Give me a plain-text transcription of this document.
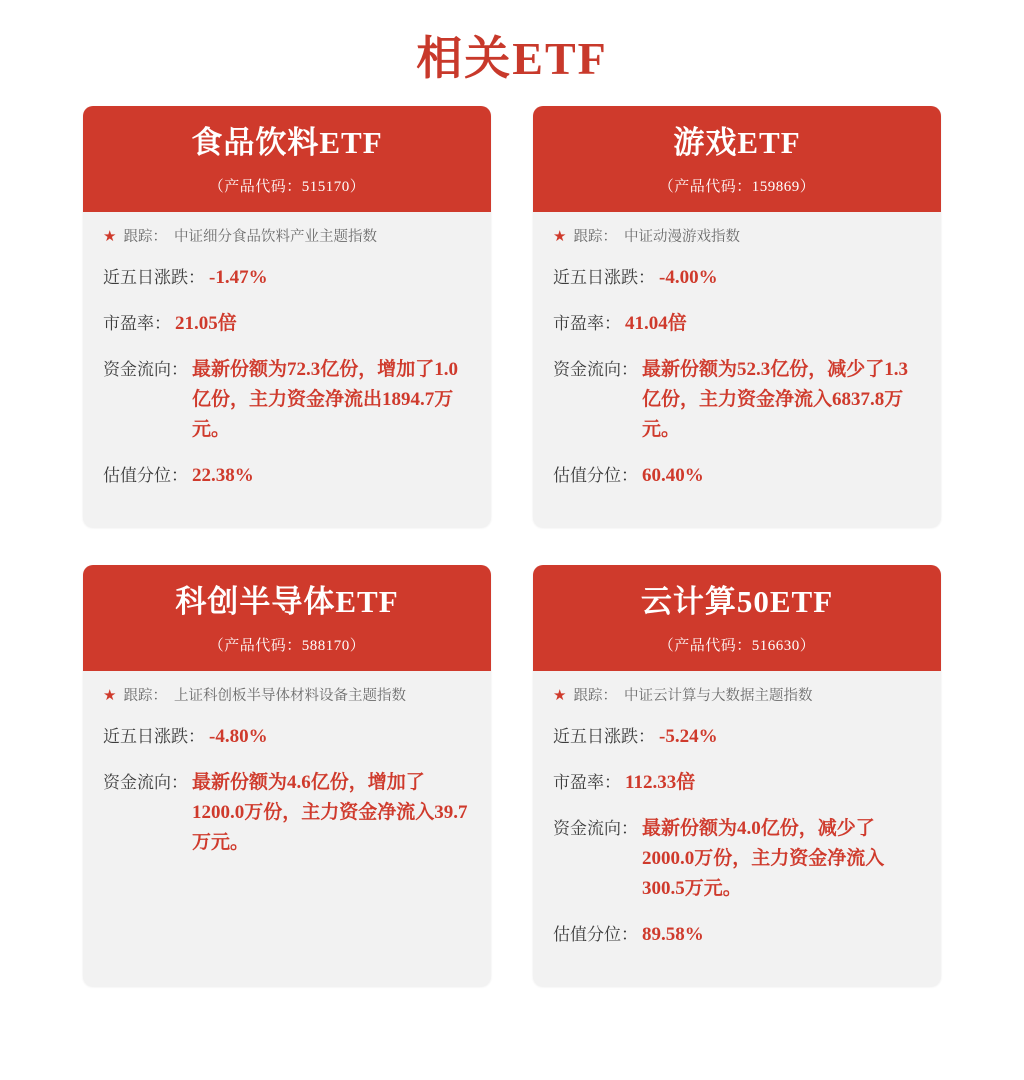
相关ETF
食品饮料ETF
（产品代码：515170）
★ 跟踪： 中证细分食品饮料产业主题指数
近五日涨跌： -1.47%
市盈率： 21.05倍
资金流向： 最新份额为72.3亿份，增加了1.0亿份，主力资金净流出1894.7万元。
估值分位： 22.38%
游戏ETF
（产品代码：159869）
★ 跟踪： 中证动漫游戏指数
近五日涨跌： -4.00%
市盈率： 41.04倍
资金流向： 最新份额为52.3亿份，减少了1.3亿份，主力资金净流入6837.8万元。
估值分位： 60.40%
科创半导体ETF
（产品代码：588170）
★ 跟踪： 上证科创板半导体材料设备主题指数
近五日涨跌： -4.80%
资金流向： 最新份额为4.6亿份，增加了1200.0万份，主力资金净流入39.7万元。
云计算50ETF
（产品代码：516630）
★ 跟踪： 中证云计算与大数据主题指数
近五日涨跌： -5.24%
市盈率： 112.33倍
资金流向： 最新份额为4.0亿份，减少了2000.0万份，主力资金净流入300.5万元。
估值分位： 89.58%
